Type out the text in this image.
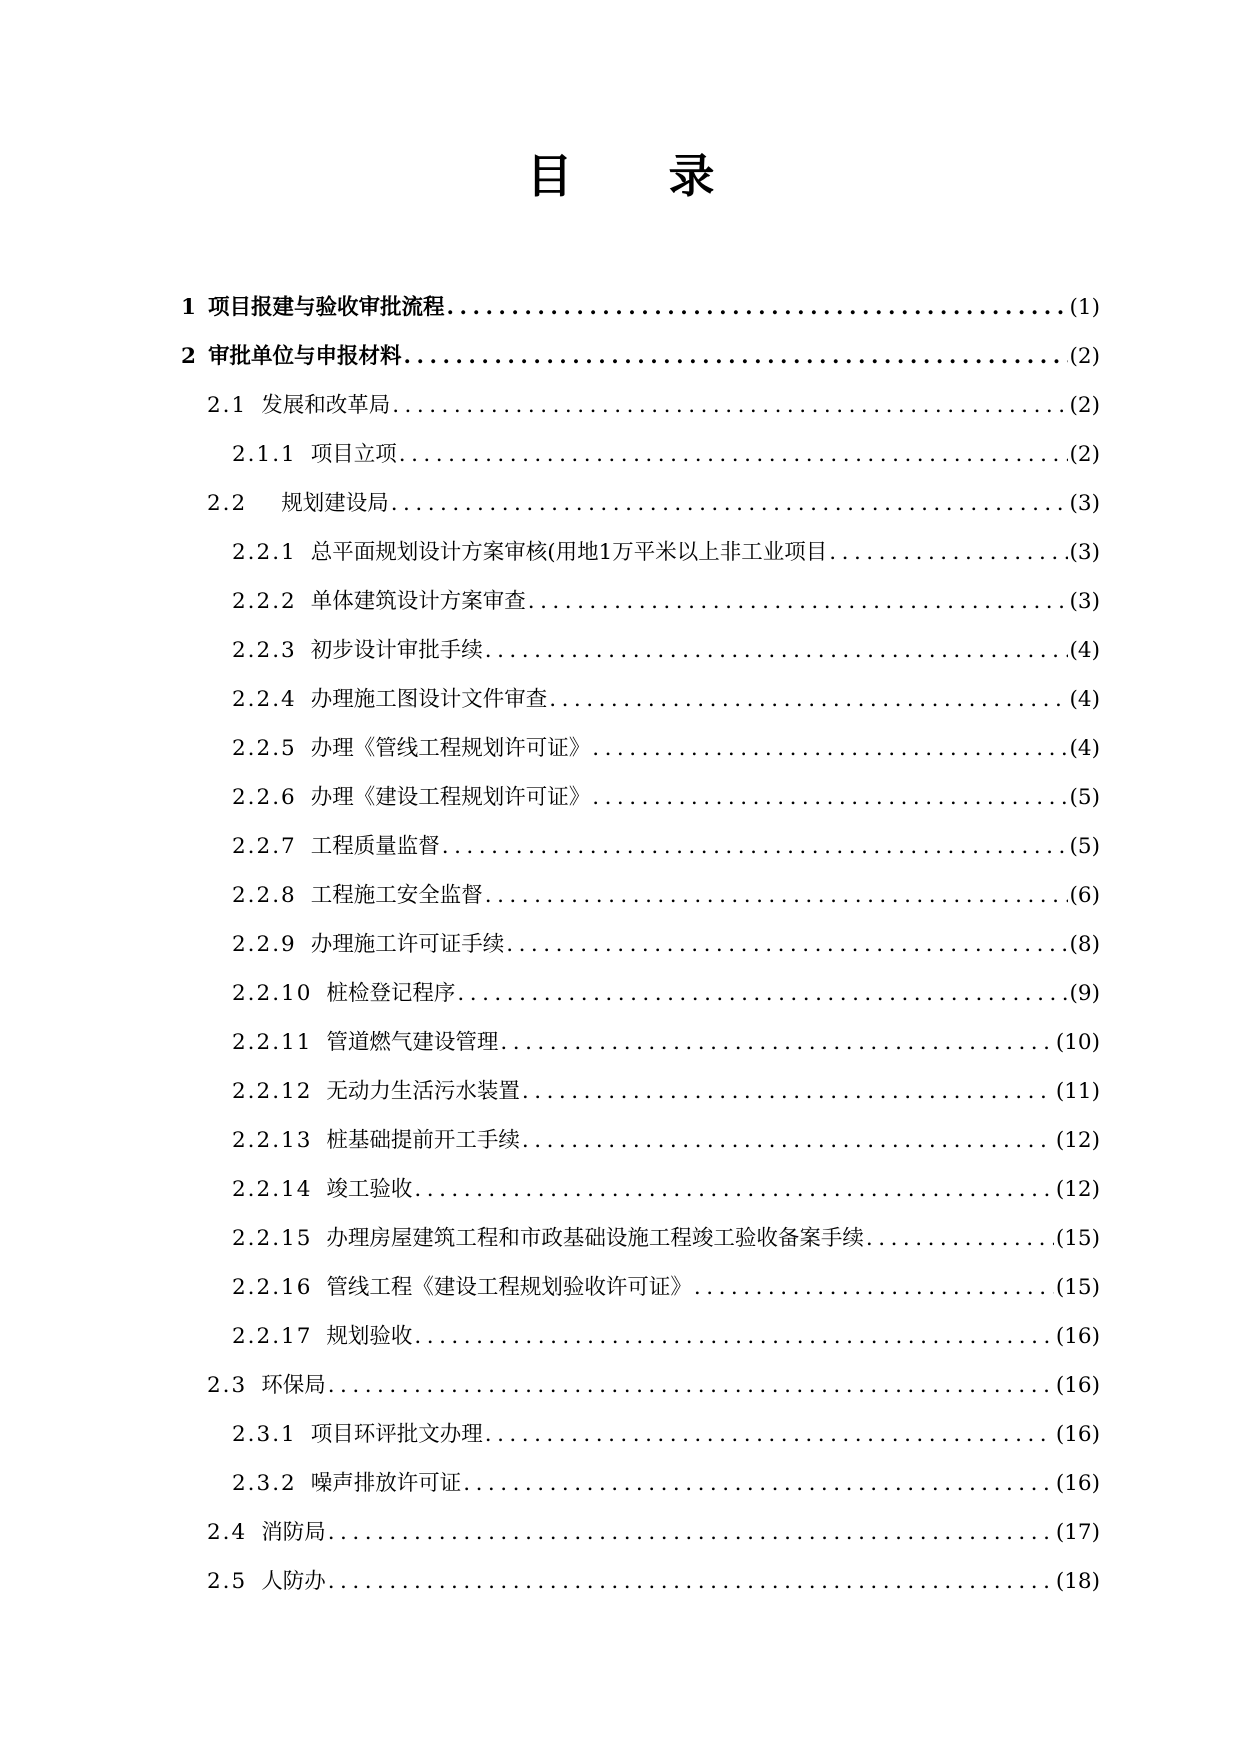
目 录
1 项目报建与验收审批流程 .....	(1)
2 审批单位与申报材料 .....	(2)
2.1 发展和改革局 .....	(2)
2.1.1 项目立项 .....	(2)
2.2 规划建设局 .....	(3)
2.2.1 总平面规划设计方案审核(用地1万平米以上非工业项目 .....	(3)
2.2.2 单体建筑设计方案审查 .....	(3)
2.2.3 初步设计审批手续 .....	(4)
2.2.4 办理施工图设计文件审查 .....	(4)
2.2.5 办理《管线工程规划许可证》 .....	(4)
2.2.6 办理《建设工程规划许可证》 .....	(5)
2.2.7 工程质量监督 .....	(5)
2.2.8 工程施工安全监督 .....	(6)
2.2.9 办理施工许可证手续 .....	(8)
2.2.10 桩检登记程序 .....	(9)
2.2.11 管道燃气建设管理 .....	(10)
2.2.12 无动力生活污水装置 .....	(11)
2.2.13 桩基础提前开工手续 .....	(12)
2.2.14 竣工验收 .....	(12)
2.2.15 办理房屋建筑工程和市政基础设施工程竣工验收备案手续 .....	(15)
2.2.16 管线工程《建设工程规划验收许可证》 .....	(15)
2.2.17 规划验收 .....	(16)
2.3 环保局 .....	(16)
2.3.1 项目环评批文办理 .....	(16)
2.3.2 噪声排放许可证 .....	(16)
2.4 消防局 .....	(17)
2.5 人防办 .....	(18)
